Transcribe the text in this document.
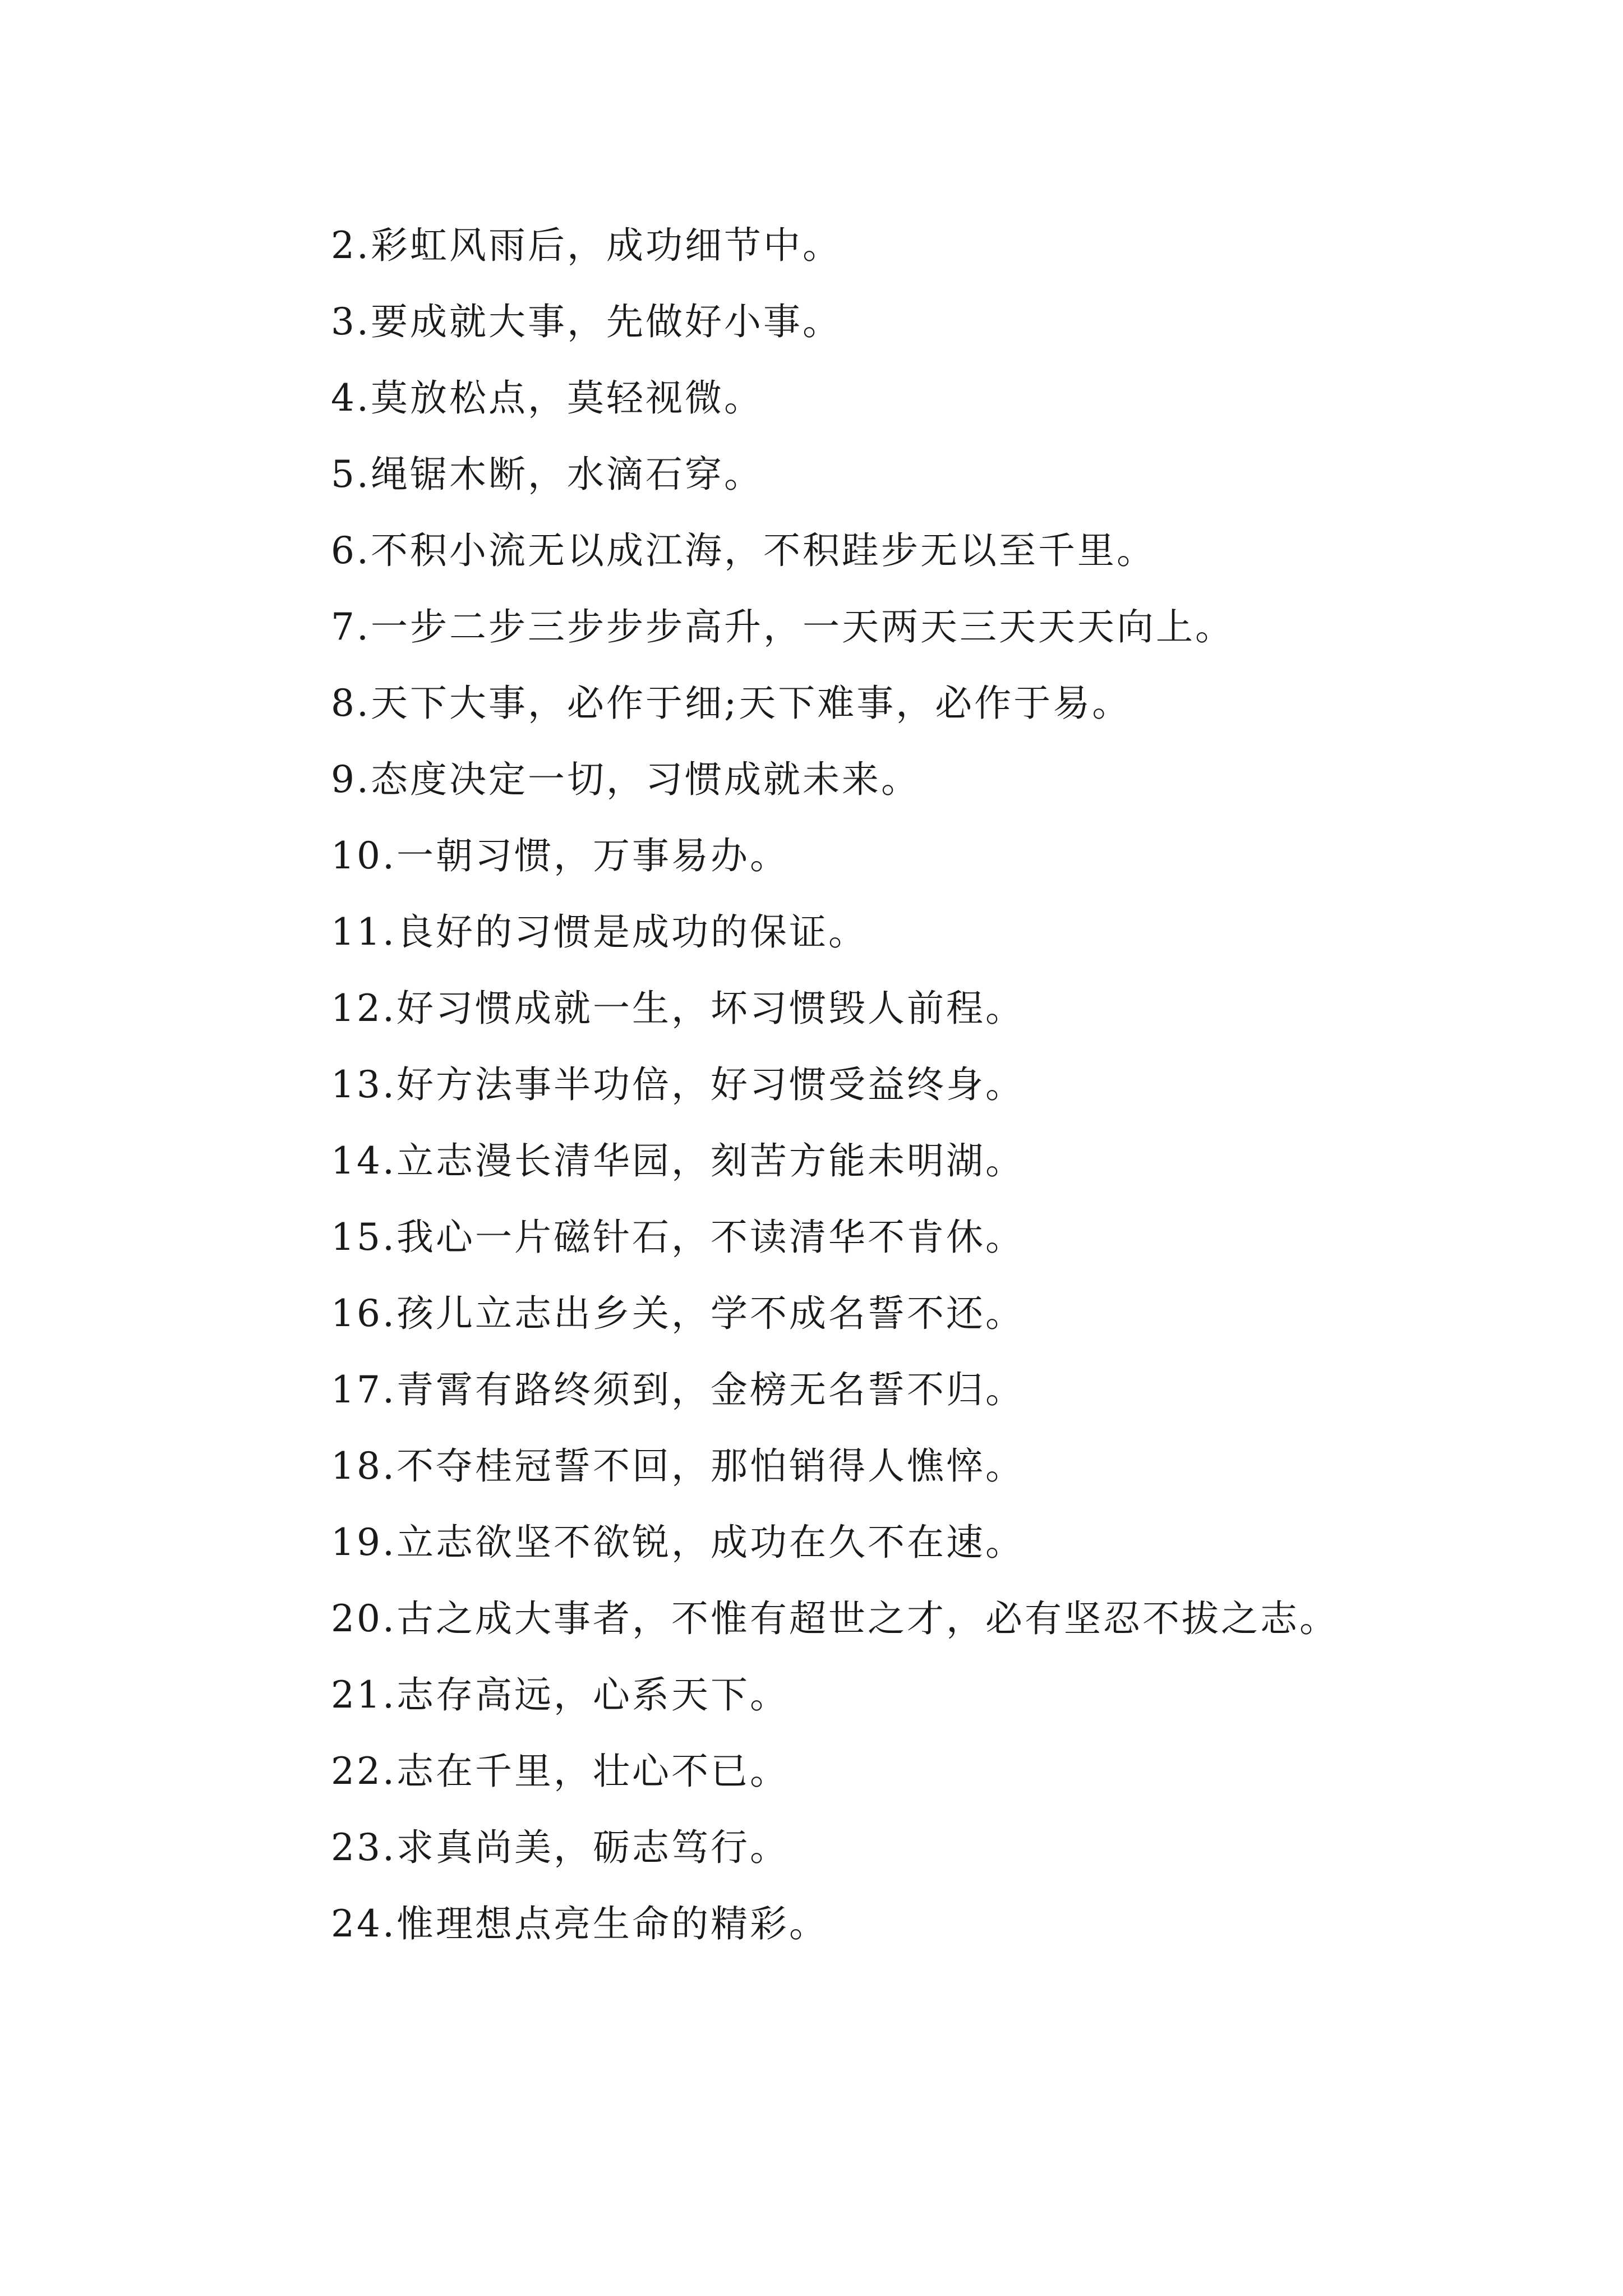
2.彩虹风雨后，成功细节中。
3.要成就大事，先做好小事。
4.莫放松点，莫轻视微。
5.绳锯木断，水滴石穿。
6.不积小流无以成江海，不积跬步无以至千里。
7.一步二步三步步步高升，一天两天三天天天向上。
8.天下大事，必作于细;天下难事，必作于易。
9.态度决定一切，习惯成就未来。
10.一朝习惯，万事易办。
11.良好的习惯是成功的保证。
12.好习惯成就一生，坏习惯毁人前程。
13.好方法事半功倍，好习惯受益终身。
14.立志漫长清华园，刻苦方能未明湖。
15.我心一片磁针石，不读清华不肯休。
16.孩儿立志出乡关，学不成名誓不还。
17.青霄有路终须到，金榜无名誓不归。
18.不夺桂冠誓不回，那怕销得人憔悴。
19.立志欲坚不欲锐，成功在久不在速。
20.古之成大事者，不惟有超世之才，必有坚忍不拔之志。
21.志存高远，心系天下。
22.志在千里，壮心不已。
23.求真尚美，砺志笃行。
24.惟理想点亮生命的精彩。
